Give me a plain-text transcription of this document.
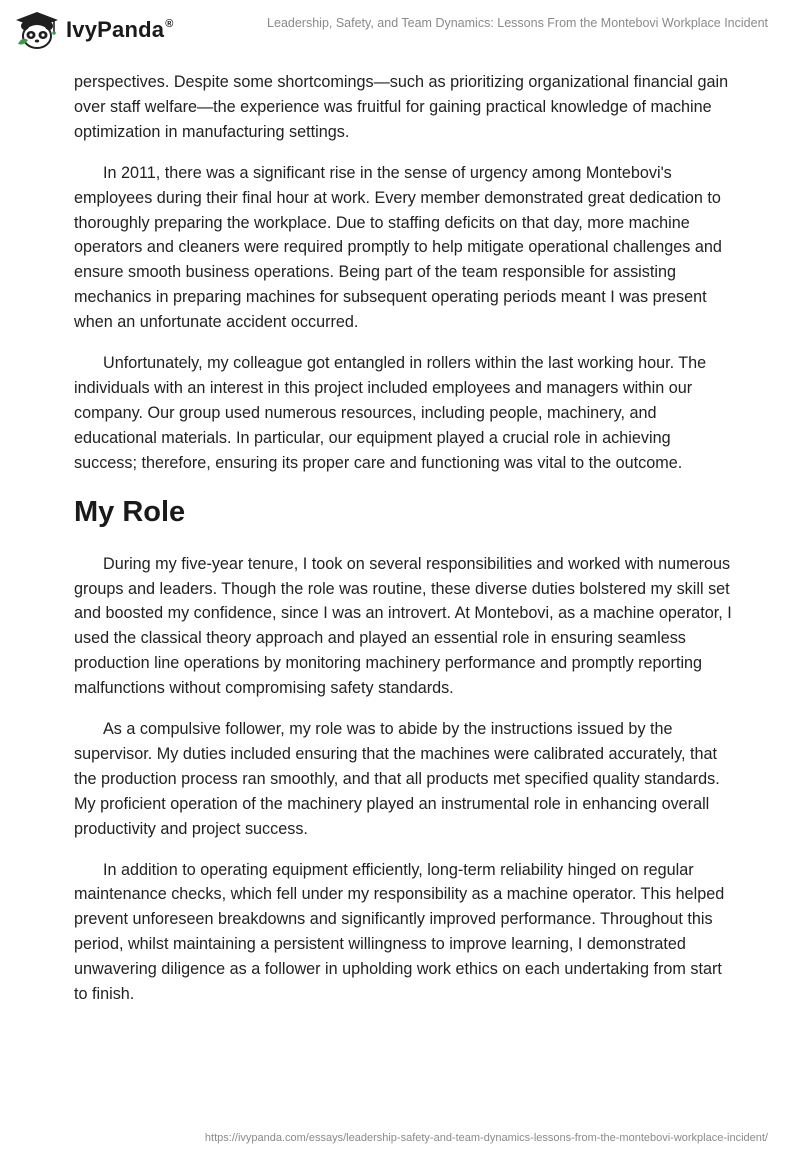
IvyPanda®	Leadership, Safety, and Team Dynamics: Lessons From the Montebovi Workplace Incident

perspectives. Despite some shortcomings—such as prioritizing organizational financial gain over staff welfare—the experience was fruitful for gaining practical knowledge of machine optimization in manufacturing settings.

In 2011, there was a significant rise in the sense of urgency among Montebovi's employees during their final hour at work. Every member demonstrated great dedication to thoroughly preparing the workplace. Due to staffing deficits on that day, more machine operators and cleaners were required promptly to help mitigate operational challenges and ensure smooth business operations. Being part of the team responsible for assisting mechanics in preparing machines for subsequent operating periods meant I was present when an unfortunate accident occurred.

Unfortunately, my colleague got entangled in rollers within the last working hour. The individuals with an interest in this project included employees and managers within our company. Our group used numerous resources, including people, machinery, and educational materials. In particular, our equipment played a crucial role in achieving success; therefore, ensuring its proper care and functioning was vital to the outcome.

My Role

During my five-year tenure, I took on several responsibilities and worked with numerous groups and leaders. Though the role was routine, these diverse duties bolstered my skill set and boosted my confidence, since I was an introvert. At Montebovi, as a machine operator, I used the classical theory approach and played an essential role in ensuring seamless production line operations by monitoring machinery performance and promptly reporting malfunctions without compromising safety standards.

As a compulsive follower, my role was to abide by the instructions issued by the supervisor. My duties included ensuring that the machines were calibrated accurately, that the production process ran smoothly, and that all products met specified quality standards. My proficient operation of the machinery played an instrumental role in enhancing overall productivity and project success.

In addition to operating equipment efficiently, long-term reliability hinged on regular maintenance checks, which fell under my responsibility as a machine operator. This helped prevent unforeseen breakdowns and significantly improved performance. Throughout this period, whilst maintaining a persistent willingness to improve learning, I demonstrated unwavering diligence as a follower in upholding work ethics on each undertaking from start to finish.

https://ivypanda.com/essays/leadership-safety-and-team-dynamics-lessons-from-the-montebovi-workplace-incident/
